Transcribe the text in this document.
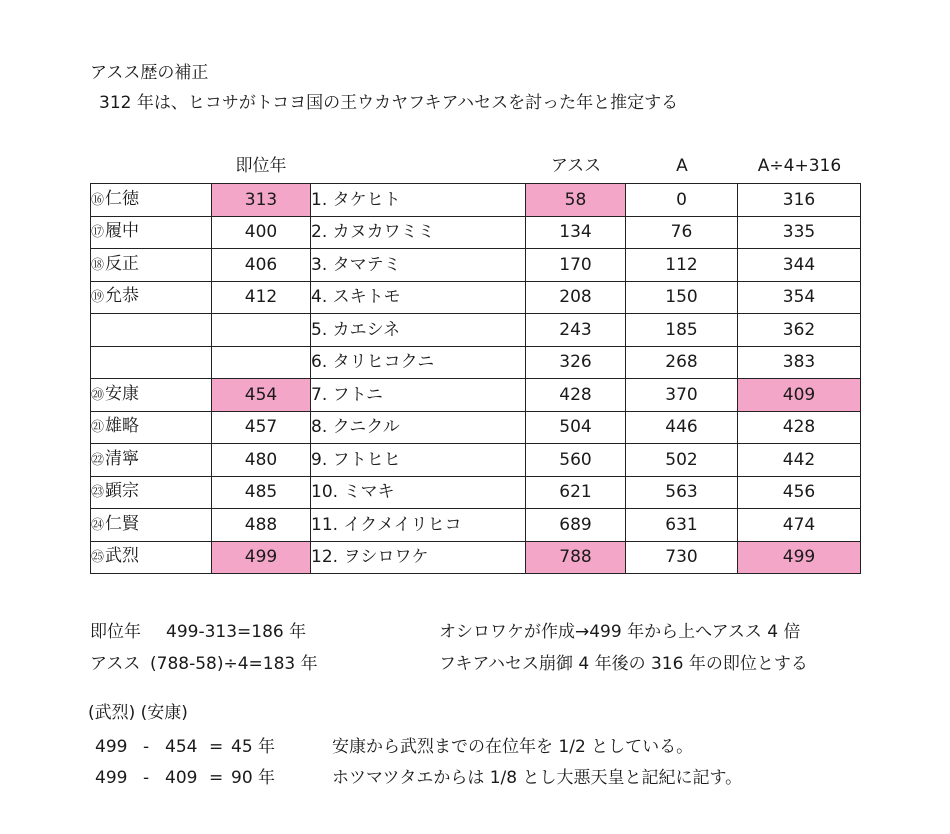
アスス歴の補正
312 年は、ヒコサがトコヨ国の王ウカヤフキアハセスを討った年と推定する
即位年	アスス	A	A÷4+316
⑯仁徳	313	1. タケヒト	58	0	316
⑰履中	400	2. カヌカワミミ	134	76	335
⑱反正	406	3. タマテミ	170	112	344
⑲允恭	412	4. スキトモ	208	150	354
		5. カエシネ	243	185	362
		6. タリヒコクニ	326	268	383
⑳安康	454	7. フトニ	428	370	409
㉑雄略	457	8. クニクル	504	446	428
㉒清寧	480	9. フトヒヒ	560	502	442
㉓顕宗	485	10. ミマキ	621	563	456
㉔仁賢	488	11. イクメイリヒコ	689	631	474
㉕武烈	499	12. ヲシロワケ	788	730	499
即位年 499-313=186 年
アスス (788-58)÷4=183 年
オシロワケが作成→499 年から上へアスス 4 倍
フキアハセス崩御 4 年後の 316 年の即位とする
(武烈) (安康)
499 - 454 = 45 年	安康から武烈までの在位年を 1/2 としている。
499 - 409 = 90 年	ホツマツタエからは 1/8 とし大悪天皇と記紀に記す。
